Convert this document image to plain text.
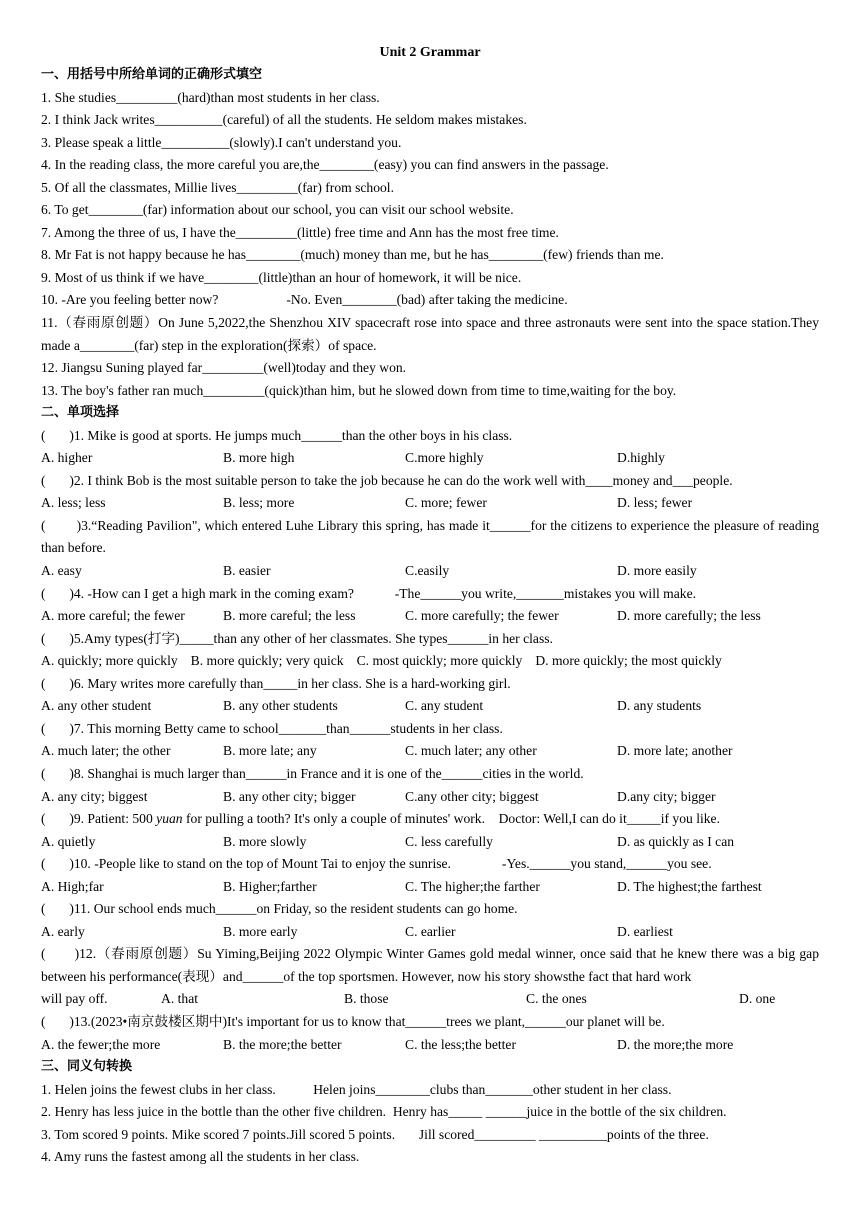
Unit 2 Grammar
一、用括号中所给单词的正确形式填空
1. She studies_________(hard)than most students in her class.
2. I think Jack writes__________(careful) of all the students. He seldom makes mistakes.
3. Please speak a little__________(slowly).I can't understand you.
4. In the reading class, the more careful you are,the________(easy) you can find answers in the passage.
5. Of all the classmates, Millie lives_________(far) from school.
6. To get________(far) information about our school, you can visit our school website.
7. Among the three of us, I have the_________(little) free time and Ann has the most free time.
8. Mr Fat is not happy because he has________(much) money than me, but he has________(few) friends than me.
9. Most of us think if we have________(little)than an hour of homework, it will be nice.
10. -Are you feeling better now?                    -No. Even________(bad) after taking the medicine.
11.（春雨原创题）On June 5,2022,the Shenzhou XIV spacecraft rose into space and three astronauts were sent into the space station.They made a________(far) step in the exploration(探索）of space.
12. Jiangsu Suning played far_________(well)today and they won.
13. The boy's father ran much_________(quick)than him, but he slowed down from time to time,waiting for the boy.
二、单项选择
(       )1. Mike is good at sports. He jumps much______than the other boys in his class.
A. higher	B. more high	C.more highly	D.highly
(       )2. I think Bob is the most suitable person to take the job because he can do the work well with____money and___people.
A. less; less	B. less; more	C. more; fewer	D. less; fewer
(        )3.“Reading Pavilion", which entered Luhe Library this spring, has made it______for the citizens to experience the pleasure of reading than before.
A. easy	B. easier	C.easily	D. more easily
(       )4. -How can I get a high mark in the coming exam?            -The______you write,_______mistakes you will make.
A. more careful; the fewer	B. more careful; the less	C. more carefully; the fewer	D. more carefully; the less
(       )5.Amy types(打字)_____than any other of her classmates. She types______in her class.
A. quickly; more quickly B. more quickly; very quick C. most quickly; more quickly D. more quickly; the most quickly
(       )6. Mary writes more carefully than_____in her class. She is a hard-working girl.
A. any other student	B. any other students	C. any student	D. any students
(       )7. This morning Betty came to school_______than______students in her class.
A. much later; the other	B. more late; any	C. much later; any other	D. more late; another
(       )8. Shanghai is much larger than______in France and it is one of the______cities in the world.
A. any city; biggest	B. any other city; bigger	C.any other city; biggest	D.any city; bigger
(       )9. Patient: 500 yuan for pulling a tooth? It's only a couple of minutes' work.    Doctor: Well,I can do it_____if you like.
A. quietly	B. more slowly	C. less carefully	D. as quickly as I can
(       )10. -People like to stand on the top of Mount Tai to enjoy the sunrise.               -Yes.______you stand,______you see.
A. High;far	B. Higher;farther	C. The higher;the farther	D. The highest;the farthest
(       )11. Our school ends much______on Friday, so the resident students can go home.
A. early	B. more early	C. earlier	D. earliest
(       )12.（春雨原创题）Su Yiming,Beijing 2022 Olympic Winter Games gold medal winner, once said that he knew there was a big gap between his performance(表现）and______of the top sportsmen. However, now his story showsthe fact that hard work
will pay off.	A. that	B. those	C. the ones	D. one
(       )13.(2023•南京鼓楼区期中)It's important for us to know that______trees we plant,______our planet will be.
A. the fewer;the more	B. the more;the better	C. the less;the better	D. the more;the more
三、同义句转换
1. Helen joins the fewest clubs in her class.           Helen joins________clubs than_______other student in her class.
2. Henry has less juice in the bottle than the other five children.  Henry has_____ ______juice in the bottle of the six children.
3. Tom scored 9 points. Mike scored 7 points.Jill scored 5 points.       Jill scored_________ __________points of the three.
4. Amy runs the fastest among all the students in her class.
